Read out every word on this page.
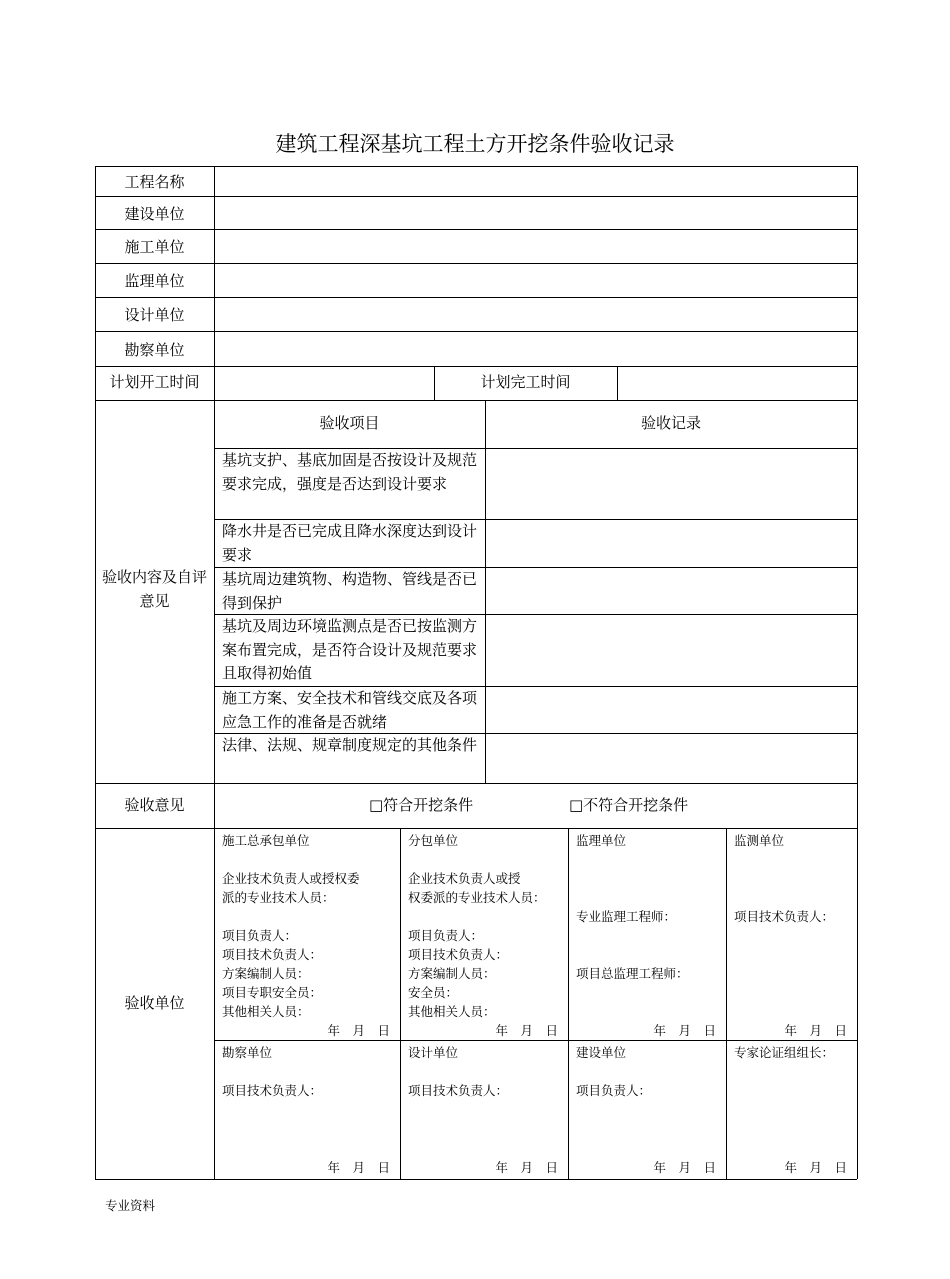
建筑工程深基坑工程土方开挖条件验收记录
工程名称
建设单位
施工单位
监理单位
设计单位
勘察单位
计划开工时间	计划完工时间
验收内容及自评意见
验收项目	验收记录
基坑支护、基底加固是否按设计及规范要求完成，强度是否达到设计要求
降水井是否已完成且降水深度达到设计要求
基坑周边建筑物、构造物、管线是否已得到保护
基坑及周边环境监测点是否已按监测方案布置完成，是否符合设计及规范要求且取得初始值
施工方案、安全技术和管线交底及各项应急工作的准备是否就绪
法律、法规、规章制度规定的其他条件
验收意见	□符合开挖条件	□不符合开挖条件
验收单位
施工总承包单位
企业技术负责人或授权委
派的专业技术人员：
项目负责人：
项目技术负责人：
方案编制人员：
项目专职安全员：
其他相关人员：
年　月　日
分包单位
企业技术负责人或授
权委派的专业技术人员：
项目负责人：
项目技术负责人：
方案编制人员：
安全员：
其他相关人员：
年　月　日
监理单位
专业监理工程师：
项目总监理工程师：
年　月　日
监测单位
项目技术负责人：
年　月　日
勘察单位
项目技术负责人：
年　月　日
设计单位
项目技术负责人：
年　月　日
建设单位
项目负责人：
年　月　日
专家论证组组长：
年　月　日
专业资料
